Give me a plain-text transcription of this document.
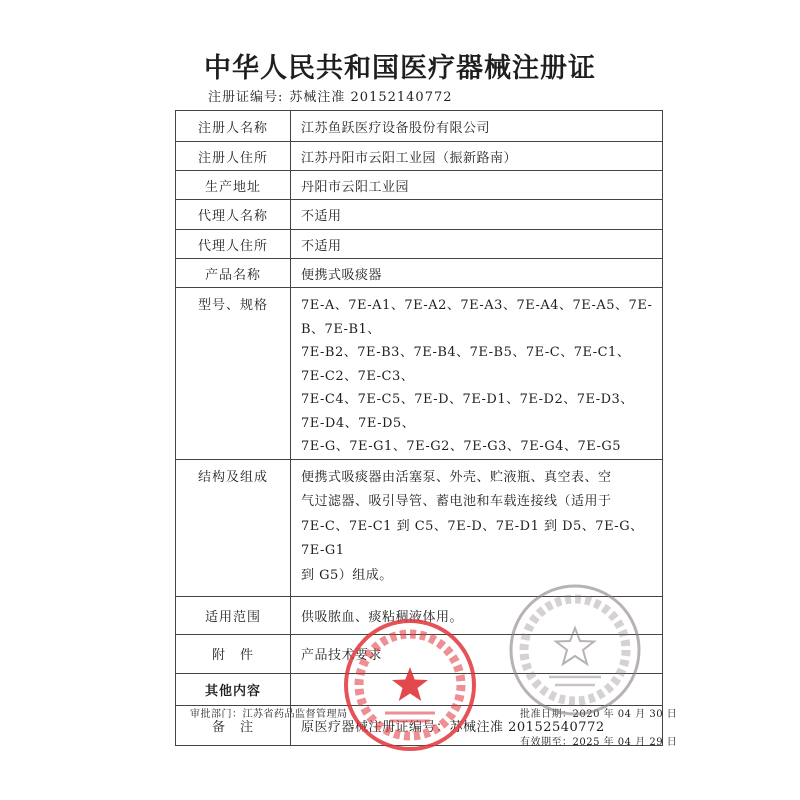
中华人民共和国医疗器械注册证
注册证编号: 苏械注准 20152140772
注册人名称	江苏鱼跃医疗设备股份有限公司
注册人住所	江苏丹阳市云阳工业园（振新路南）
生产地址	丹阳市云阳工业园
代理人名称	不适用
代理人住所	不适用
产品名称	便携式吸痰器
型号、规格	7E-A、7E-A1、7E-A2、7E-A3、7E-A4、7E-A5、7E-B、7E-B1、
7E-B2、7E-B3、7E-B4、7E-B5、7E-C、7E-C1、7E-C2、7E-C3、
7E-C4、7E-C5、7E-D、7E-D1、7E-D2、7E-D3、7E-D4、7E-D5、
7E-G、7E-G1、7E-G2、7E-G3、7E-G4、7E-G5

结构及组成	便携式吸痰器由活塞泵、外壳、贮液瓶、真空表、空
气过滤器、吸引导管、蓄电池和车载连接线（适用于
7E-C、7E-C1 到 C5、7E-D、7E-D1 到 D5、7E-G、7E-G1
到 G5）组成。

适用范围	供吸脓血、痰粘稠液体用。
附　件	产品技术要求
其他内容	
备　注	原医疗器械注册证编号：苏械注准 20152540772
审批部门：江苏省药品监督管理局	批准日期：2020 年 04 月 30 日
有效期至：2025 年 04 月 29 日
